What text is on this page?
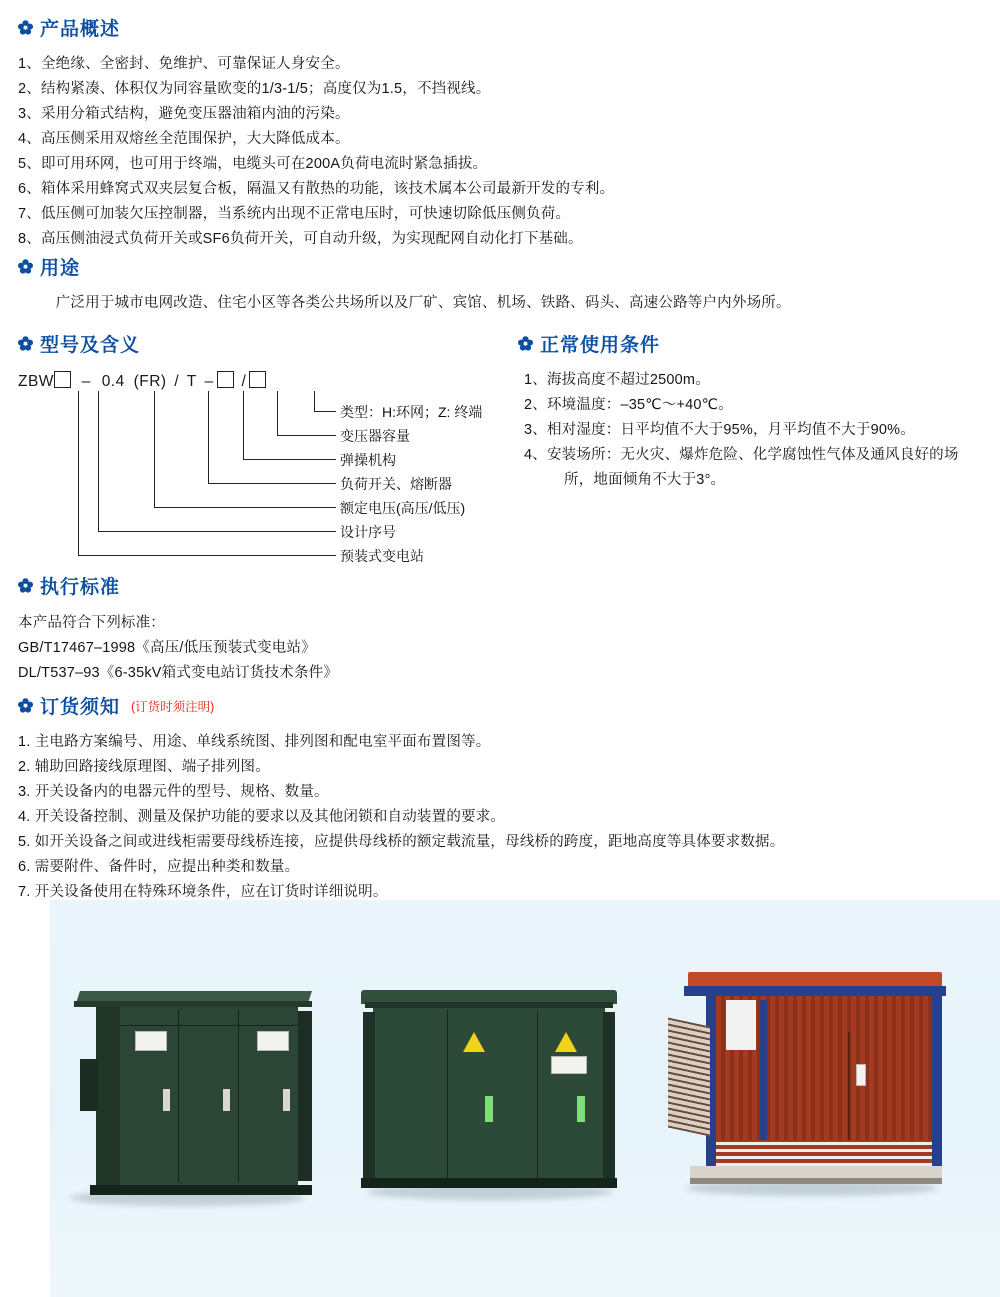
产品概述
1、全绝缘、全密封、免维护、可靠保证人身安全。
2、结构紧凑、体积仅为同容量欧变的1/3-1/5；高度仅为1.5，不挡视线。
3、采用分箱式结构，避免变压器油箱内油的污染。
4、高压侧采用双熔丝全范围保护，大大降低成本。
5、即可用环网，也可用于终端，电缆头可在200A负荷电流时紧急插拔。
6、箱体采用蜂窝式双夹层复合板，隔温又有散热的功能，该技术属本公司最新开发的专利。
7、低压侧可加装欠压控制器，当系统内出现不正常电压时，可快速切除低压侧负荷。
8、高压侧油浸式负荷开关或SF6负荷开关，可自动升级，为实现配网自动化打下基础。
用途
广泛用于城市电网改造、住宅小区等各类公共场所以及厂矿、宾馆、机场、铁路、码头、高速公路等户内外场所。
型号及含义
ZBW – 0.4 (FR) / T – /
类型：H:环网；Z: 终端
变压器容量
弹操机构
负荷开关、熔断器
额定电压(高压/低压)
设计序号
预装式变电站
正常使用条件
1、海拔高度不超过2500m。
2、环境温度：–35℃～+40℃。
3、相对湿度：日平均值不大于95%，月平均值不大于90%。
4、安装场所：无火灾、爆炸危险、化学腐蚀性气体及通风良好的场
所，地面倾角不大于3°。
执行标准
本产品符合下列标准：
GB/T17467–1998《高压/低压预装式变电站》
DL/T537–93《6-35kV箱式变电站订货技术条件》
订货须知 (订货时须注明)
1. 主电路方案编号、用途、单线系统图、排列图和配电室平面布置图等。
2. 辅助回路接线原理图、端子排列图。
3. 开关设备内的电器元件的型号、规格、数量。
4. 开关设备控制、测量及保护功能的要求以及其他闭锁和自动装置的要求。
5. 如开关设备之间或进线柜需要母线桥连接，应提供母线桥的额定载流量，母线桥的跨度，距地高度等具体要求数据。
6. 需要附件、备件时，应提出种类和数量。
7. 开关设备使用在特殊环境条件，应在订货时详细说明。
